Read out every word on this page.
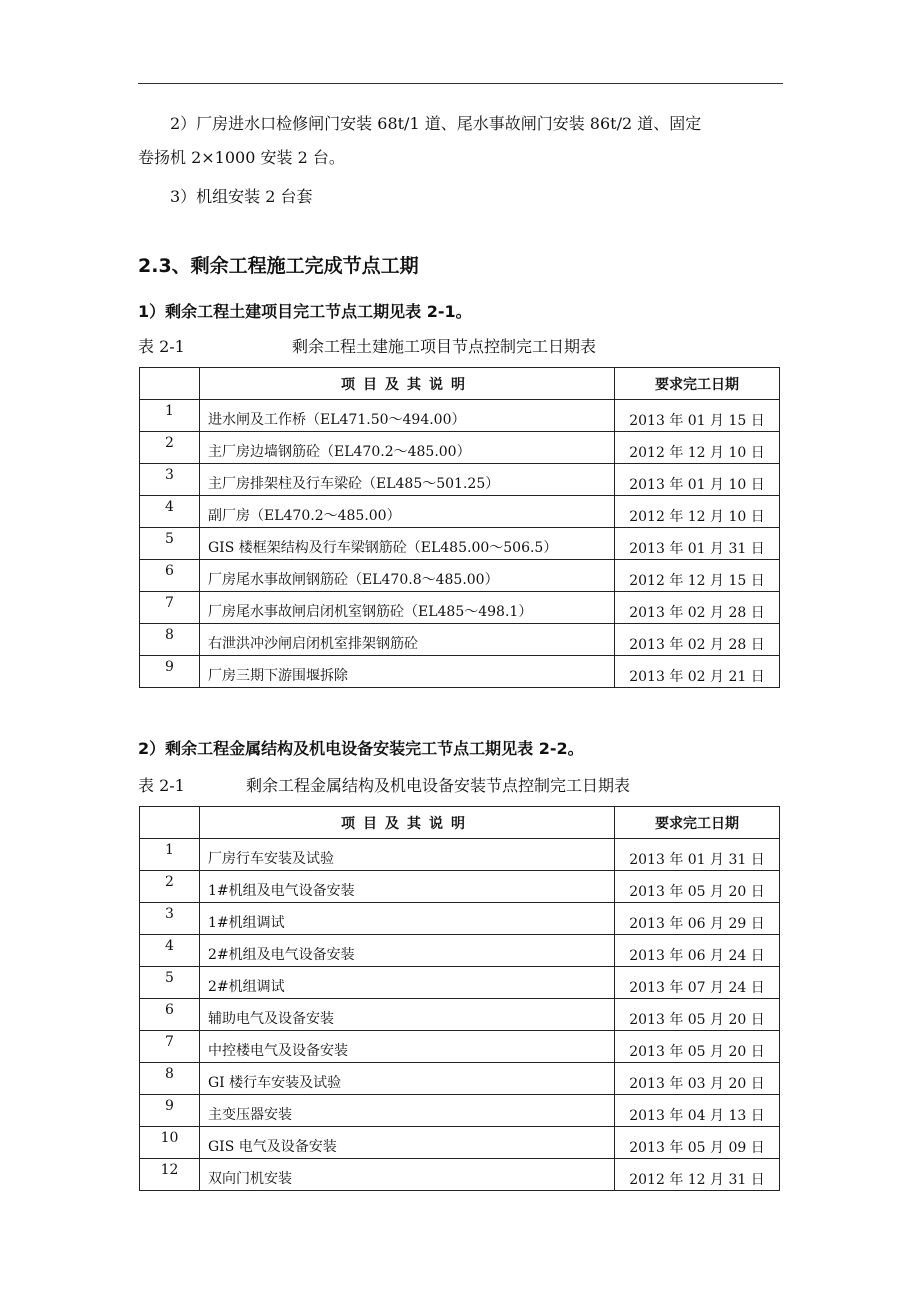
2）厂房进水口检修闸门安装 68t/1 道、尾水事故闸门安装 86t/2 道、固定
卷扬机 2×1000 安装 2 台。
3）机组安装 2 台套
2.3、剩余工程施工完成节点工期
1）剩余工程土建项目完工节点工期见表 2-1。
表 2-1	剩余工程土建施工项目节点控制完工日期表
	项目及其说明	要求完工日期
1	进水闸及工作桥（EL471.50～494.00）	2013 年 01 月 15 日
2	主厂房边墙钢筋砼（EL470.2～485.00）	2012 年 12 月 10 日
3	主厂房排架柱及行车梁砼（EL485～501.25）	2013 年 01 月 10 日
4	副厂房（EL470.2～485.00）	2012 年 12 月 10 日
5	GIS 楼框架结构及行车梁钢筋砼（EL485.00～506.5）	2013 年 01 月 31 日
6	厂房尾水事故闸钢筋砼（EL470.8～485.00）	2012 年 12 月 15 日
7	厂房尾水事故闸启闭机室钢筋砼（EL485～498.1）	2013 年 02 月 28 日
8	右泄洪冲沙闸启闭机室排架钢筋砼	2013 年 02 月 28 日
9	厂房三期下游围堰拆除	2013 年 02 月 21 日
2）剩余工程金属结构及机电设备安装完工节点工期见表 2-2。
表 2-1	剩余工程金属结构及机电设备安装节点控制完工日期表
	项目及其说明	要求完工日期
1	厂房行车安装及试验	2013 年 01 月 31 日
2	1#机组及电气设备安装	2013 年 05 月 20 日
3	1#机组调试	2013 年 06 月 29 日
4	2#机组及电气设备安装	2013 年 06 月 24 日
5	2#机组调试	2013 年 07 月 24 日
6	辅助电气及设备安装	2013 年 05 月 20 日
7	中控楼电气及设备安装	2013 年 05 月 20 日
8	GI 楼行车安装及试验	2013 年 03 月 20 日
9	主变压器安装	2013 年 04 月 13 日
10	GIS 电气及设备安装	2013 年 05 月 09 日
12	双向门机安装	2012 年 12 月 31 日
